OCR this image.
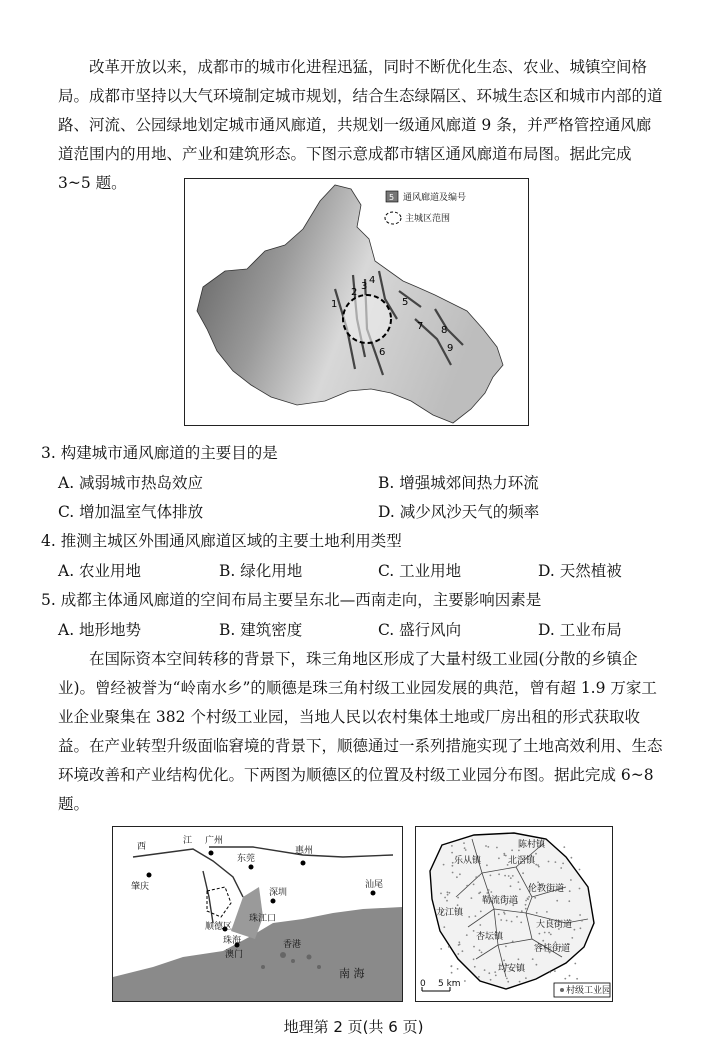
改革开放以来，成都市的城市化进程迅猛，同时不断优化生态、农业、城镇空间格局。成都市坚持以大气环境制定城市规划，结合生态绿隔区、环城生态区和城市内部的道路、河流、公园绿地划定城市通风廊道，共规划一级通风廊道 9 条，并严格管控通风廊道范围内的用地、产业和建筑形态。下图示意成都市辖区通风廊道布局图。据此完成 3~5 题。

1
2
3
4
5
6
7 8
9
5 通风廊道及编号
主城区范围

3. 构建城市通风廊道的主要目的是

A. 减弱城市热岛效应	B. 增强城郊间热力环流
C. 增加温室气体排放	D. 减少风沙天气的频率

4. 推测主城区外围通风廊道区域的主要土地利用类型

A. 农业用地	B. 绿化用地	C. 工业用地	D. 天然植被

5. 成都主体通风廊道的空间布局主要呈东北—西南走向，主要影响因素是

A. 地形地势	B. 建筑密度	C. 盛行风向	D. 工业布局

在国际资本空间转移的背景下，珠三角地区形成了大量村级工业园(分散的乡镇企业)。曾经被誉为“岭南水乡”的顺德是珠三角村级工业园发展的典范，曾有超 1.9 万家工业企业聚集在 382 个村级工业园，当地人民以农村集体土地或厂房出租的形式获取收益。在产业转型升级面临窘境的背景下，顺德通过一系列措施实现了土地高效利用、生态环境改善和产业结构优化。下两图为顺德区的位置及村级工业园分布图。据此完成 6~8 题。

西
江 广州
东莞
惠州
肇庆
顺德区
深圳
汕尾
珠江口
珠海
澳门
香港
南 海
陈村镇
乐从镇	北滘镇
勒流街道
伦教街道
龙江镇
大良街道
杏坛镇
容桂街道
均安镇
0 5 km
村级工业园
地理第 2 页(共 6 页)
